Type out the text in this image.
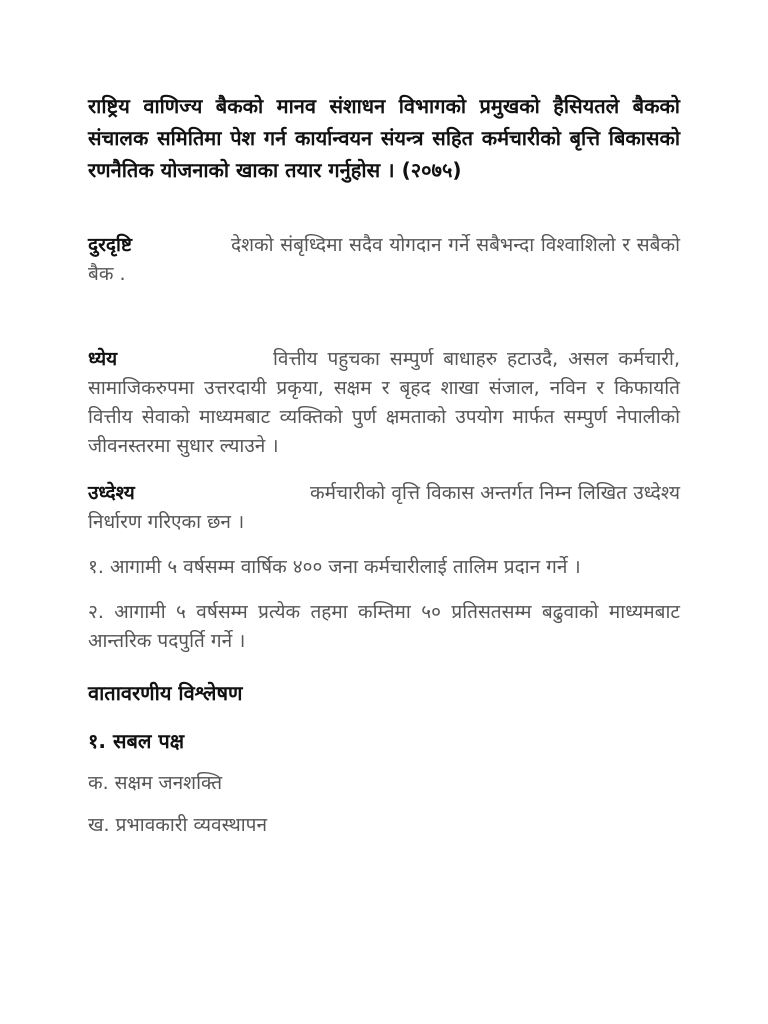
राष्ट्रिय वाणिज्य बैकको मानव संशाधन विभागको प्रमुखको हैसियतले बैकको संचालक समितिमा पेश गर्न कार्यान्वयन संयन्त्र सहित कर्मचारीको बृत्ति बिकासको रणनैतिक योजनाको खाका तयार गर्नुहोस । (२०७५)

दुरदृष्टि	देशको संबृध्दिमा सदैव योगदान गर्ने सबैभन्दा विश्वाशिलो र सबैको बैक .

ध्येय	वित्तीय पहुचका सम्पुर्ण बाधाहरु हटाउदै, असल कर्मचारी, सामाजिकरुपमा उत्तरदायी प्रकृया, सक्षम र बृहद शाखा संजाल, नविन र किफायति वित्तीय सेवाको माध्यमबाट व्यक्तिको पुर्ण क्षमताको उपयोग मार्फत सम्पुर्ण नेपालीको जीवनस्तरमा सुधार ल्याउने ।

उध्देश्य	कर्मचारीको वृत्ति विकास अन्तर्गत निम्न लिखित उध्देश्य निर्धारण गरिएका छन ।

१. आगामी ५ वर्षसम्म वार्षिक ४०० जना कर्मचारीलाई तालिम प्रदान गर्ने ।

२. आगामी ५ वर्षसम्म प्रत्येक तहमा कम्तिमा ५० प्रतिसतसम्म बढुवाको माध्यमबाट आन्तरिक पदपुर्ति गर्ने ।

वातावरणीय विश्लेषण

१. सबल पक्ष

क. सक्षम जनशक्ति

ख. प्रभावकारी व्यवस्थापन
